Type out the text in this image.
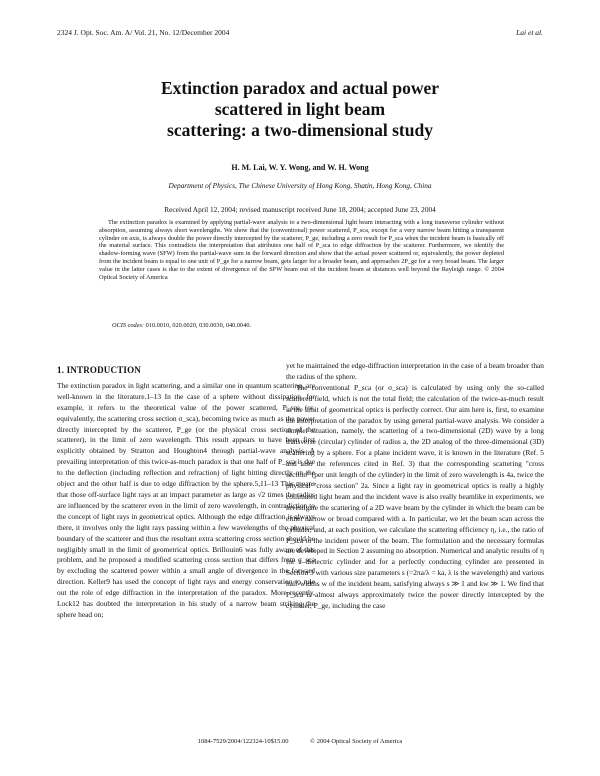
2324 J. Opt. Soc. Am. A/ Vol. 21, No. 12/December 2004	Lai et al.
Extinction paradox and actual power
scattered in light beam
scattering: a two-dimensional study
H. M. Lai, W. Y. Wong, and W. H. Wong
Department of Physics, The Chinese University of Hong Kong, Shatin, Hong Kong, China
Received April 12, 2004; revised manuscript received June 18, 2004; accepted June 23, 2004

The extinction paradox is examined by applying partial-wave analysis to a two-dimensional light beam interacting with a long transverse cylinder without absorption, assuming always short wavelengths. We show that the (conventional) power scattered, P_sca, except for a very narrow beam hitting a transparent cylinder on axis, is always double the power directly intercepted by the scatterer, P_ge, including a zero result for P_sca when the incident beam is basically off the material surface. This contradicts the interpretation that attributes one half of P_sca to edge diffraction by the scatterer. Furthermore, we identify the shadow-forming wave (SFW) from the partial-wave sum in the forward direction and show that the actual power scattered or, equivalently, the power depleted from the incident beam is equal to one unit of P_ge for a narrow beam, gets larger for a broader beam, and approaches 2P_ge for a very broad beam. The larger value in the latter cases is due to the extent of divergence of the SFW beam out of the incident beam at distances well beyond the Rayleigh range. © 2004 Optical Society of America

OCIS codes: 010.0010, 020.0020, 030.0030, 040.0040.
1. INTRODUCTION

The extinction paradox in light scattering, and a similar one in quantum scattering, are well-known in the literature.1–13 In the case of a sphere without dissipation, for example, it refers to the theoretical value of the power scattered, P_sca (or, equivalently, the scattering cross section σ_sca), becoming twice as much as the power directly intercepted by the scatterer, P_ge (or the physical cross section of the scatterer), in the limit of zero wavelength. This result appears to have been first explicitly obtained by Stratton and Houghton4 through partial-wave analysis. A prevailing interpretation of this twice-as-much paradox is that one half of P_sca is due to the deflection (including reflection and refraction) of light hitting directly on the object and the other half is due to edge diffraction by the sphere.5,11–13 This means that those off-surface light rays at an impact parameter as large as √2 times the radius are influenced by the scatterer even in the limit of zero wavelength, in contradiction to the concept of light rays in geometrical optics. Although the edge diffraction is always there, it involves only the light rays passing within a few wavelengths of the physical boundary of the scatterer and thus the resultant extra scattering cross section should be negligibly small in the limit of geometrical optics. Brillouin6 was fully aware of this problem, and he proposed a modified scattering cross section that differs from σ_sca by excluding the scattered power within a small angle of divergence in the forward direction. Keller9 has used the concept of light rays and energy conservation to rule out the role of edge diffraction in the interpretation of the paradox. More recently, Lock12 has doubted the interpretation in his study of a narrow beam striking the sphere head on;

yet he maintained the edge-diffraction interpretation in the case of a beam broader than the radius of the sphere.

The conventional P_sca (or σ_sca) is calculated by using only the so-called scattered field, which is not the total field; the calculation of the twice-as-much result in the limit of geometrical optics is perfectly correct. Our aim here is, first, to examine the interpretation of the paradox by using general partial-wave analysis. We consider a simpler situation, namely, the scattering of a two-dimensional (2D) wave by a long transverse (circular) cylinder of radius a, the 2D analog of the three-dimensional (3D) scattering by a sphere. For a plane incident wave, it is known in the literature (Ref. 5 and also the references cited in Ref. 3) that the corresponding scattering "cross section" (per unit length of the cylinder) in the limit of zero wavelength is 4a, twice the physical "cross section" 2a. Since a light ray in geometrical optics is really a highly collimated light beam and the incident wave is also really beamlike in experiments, we investigate the scattering of a 2D wave beam by the cylinder in which the beam can be either narrow or broad compared with a. In particular, we let the beam scan across the cylinder, and, at each position, we calculate the scattering efficiency η, i.e., the ratio of P_sca to the incident power of the beam. The formulation and the necessary formulas are developed in Section 2 assuming no absorption. Numerical and analytic results of η for a dielectric cylinder and for a perfectly conducting cylinder are presented in Section 3 with various size parameters s (=2πa/λ = ka, λ is the wavelength) and various half-widths w of the incident beam, satisfying always s ≫ 1 and kw ≫ 1. We find that P_sca is almost always approximately twice the power directly intercepted by the cylinder, P_ge, including the case

1084-7529/2004/122324-10$15.00	© 2004 Optical Society of America
